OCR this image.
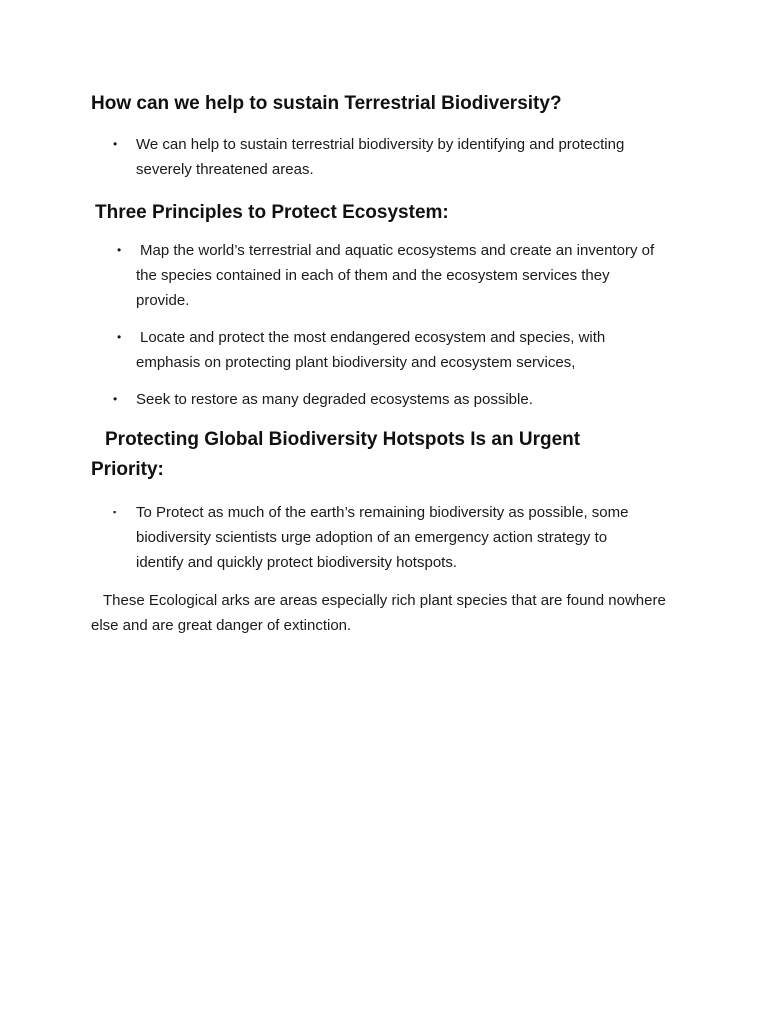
How can we help to sustain Terrestrial Biodiversity?
• We can help to sustain terrestrial biodiversity by identifying and protecting severely threatened areas.
Three Principles to Protect Ecosystem:
• Map the world’s terrestrial and aquatic ecosystems and create an inventory of the species contained in each of them and the ecosystem services they provide.
• Locate and protect the most endangered ecosystem and species, with emphasis on protecting plant biodiversity and ecosystem services,
• Seek to restore as many degraded ecosystems as possible.
Protecting Global Biodiversity Hotspots Is an Urgent Priority:
▪ To Protect as much of the earth’s remaining biodiversity as possible, some biodiversity scientists urge adoption of an emergency action strategy to identify and quickly protect biodiversity hotspots.

These Ecological arks are areas especially rich plant species that are found nowhere else and are great danger of extinction.
